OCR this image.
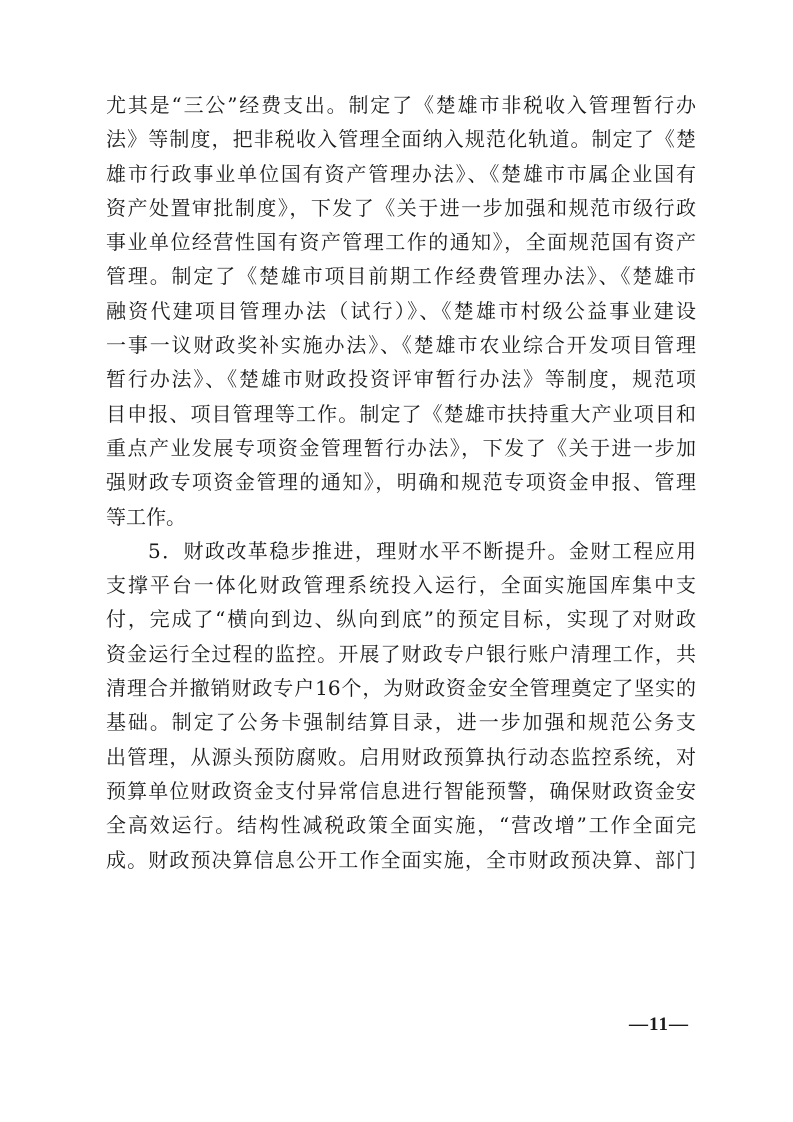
尤其是“三公”经费支出。制定了《楚雄市非税收入管理暂行办
法》等制度，把非税收入管理全面纳入规范化轨道。制定了《楚
雄市行政事业单位国有资产管理办法》、《楚雄市市属企业国有
资产处置审批制度》，下发了《关于进一步加强和规范市级行政
事业单位经营性国有资产管理工作的通知》，全面规范国有资产
管理。制定了《楚雄市项目前期工作经费管理办法》、《楚雄市
融资代建项目管理办法（试行）》、《楚雄市村级公益事业建设
一事一议财政奖补实施办法》、《楚雄市农业综合开发项目管理
暂行办法》、《楚雄市财政投资评审暂行办法》等制度，规范项
目申报、项目管理等工作。制定了《楚雄市扶持重大产业项目和
重点产业发展专项资金管理暂行办法》，下发了《关于进一步加
强财政专项资金管理的通知》，明确和规范专项资金申报、管理
等工作。
5．财政改革稳步推进，理财水平不断提升。金财工程应用
支撑平台一体化财政管理系统投入运行，全面实施国库集中支
付，完成了“横向到边、纵向到底”的预定目标，实现了对财政
资金运行全过程的监控。开展了财政专户银行账户清理工作，共
清理合并撤销财政专户16个，为财政资金安全管理奠定了坚实的
基础。制定了公务卡强制结算目录，进一步加强和规范公务支
出管理，从源头预防腐败。启用财政预算执行动态监控系统，对
预算单位财政资金支付异常信息进行智能预警，确保财政资金安
全高效运行。结构性减税政策全面实施，“营改增”工作全面完
成。财政预决算信息公开工作全面实施，全市财政预决算、部门
—11—
